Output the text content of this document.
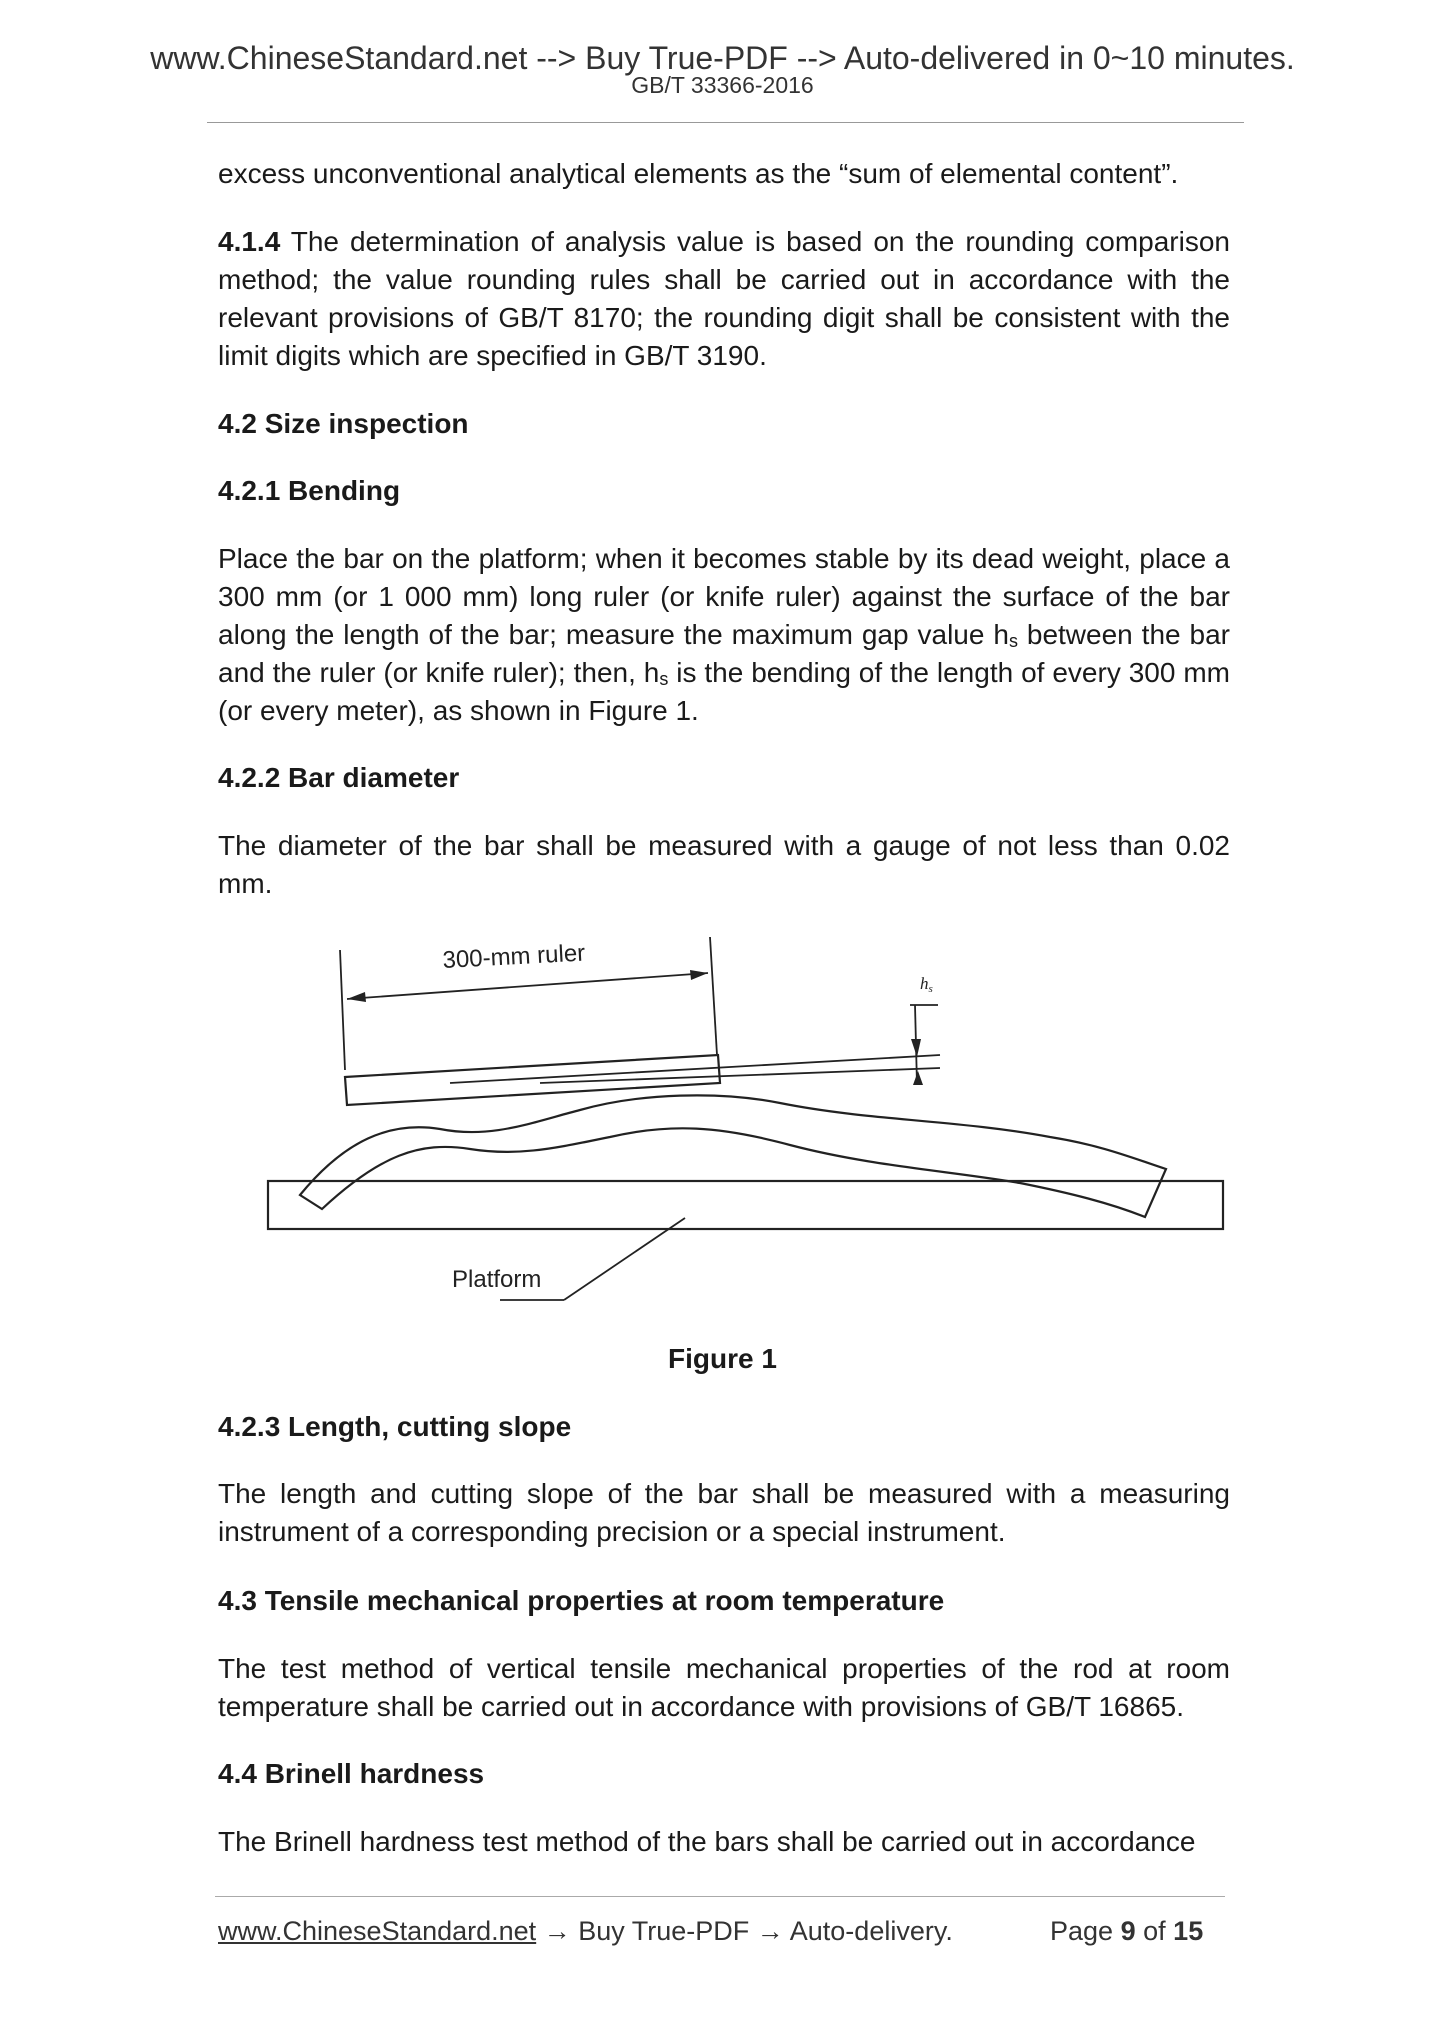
www.ChineseStandard.net --> Buy True-PDF --> Auto-delivered in 0~10 minutes.
GB/T 33366-2016

excess unconventional analytical elements as the “sum of elemental content”.

4.1.4 The determination of analysis value is based on the rounding comparison method; the value rounding rules shall be carried out in accordance with the relevant provisions of GB/T 8170; the rounding digit shall be consistent with the limit digits which are specified in GB/T 3190.

4.2 Size inspection

4.2.1 Bending

Place the bar on the platform; when it becomes stable by its dead weight, place a 300 mm (or 1 000 mm) long ruler (or knife ruler) against the surface of the bar along the length of the bar; measure the maximum gap value $h_s$ between the bar and the ruler (or knife ruler); then, $h_s$ is the bending of the length of every 300 mm (or every meter), as shown in Figure 1.

4.2.2 Bar diameter

The diameter of the bar shall be measured with a gauge of not less than 0.02 mm.

300-mm ruler
hs
Platform
Figure 1

4.2.3 Length, cutting slope

The length and cutting slope of the bar shall be measured with a measuring instrument of a corresponding precision or a special instrument.

4.3 Tensile mechanical properties at room temperature

The test method of vertical tensile mechanical properties of the rod at room temperature shall be carried out in accordance with provisions of GB/T 16865.

4.4 Brinell hardness

The Brinell hardness test method of the bars shall be carried out in accordance

www.ChineseStandard.net → Buy True-PDF → Auto-delivery.	Page 9 of 15
